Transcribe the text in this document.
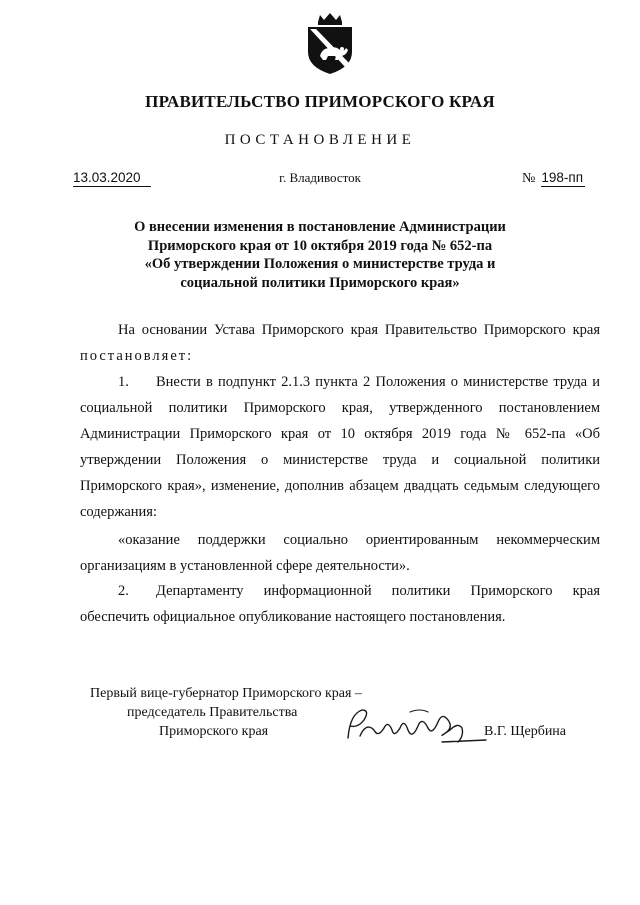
ПРАВИТЕЛЬСТВО ПРИМОРСКОГО КРАЯ
ПОСТАНОВЛЕНИЕ
13.03.2020	г. Владивосток	№ 198-пп
О внесении изменения в постановление Администрации
Приморского края от 10 октября 2019 года № 652-па
«Об утверждении Положения о министерстве труда и
социальной политики Приморского края»

На основании Устава Приморского края Правительство Приморского края постановляет:

1. Внести в подпункт 2.1.3 пункта 2 Положения о министерстве труда и социальной политики Приморского края, утвержденного постановлением Администрации Приморского края от 10 октября 2019 года № 652-па «Об утверждении Положения о министерстве труда и социальной политики Приморского края», изменение, дополнив абзацем двадцать седьмым следующего содержания:

«оказание поддержки социально ориентированным некоммерческим организациям в установленной сфере деятельности».

2. Департаменту информационной политики Приморского края обеспечить официальное опубликование настоящего постановления.

Первый вице-губернатор Приморского края –
председатель Правительства
Приморского края	В.Г. Щербина
